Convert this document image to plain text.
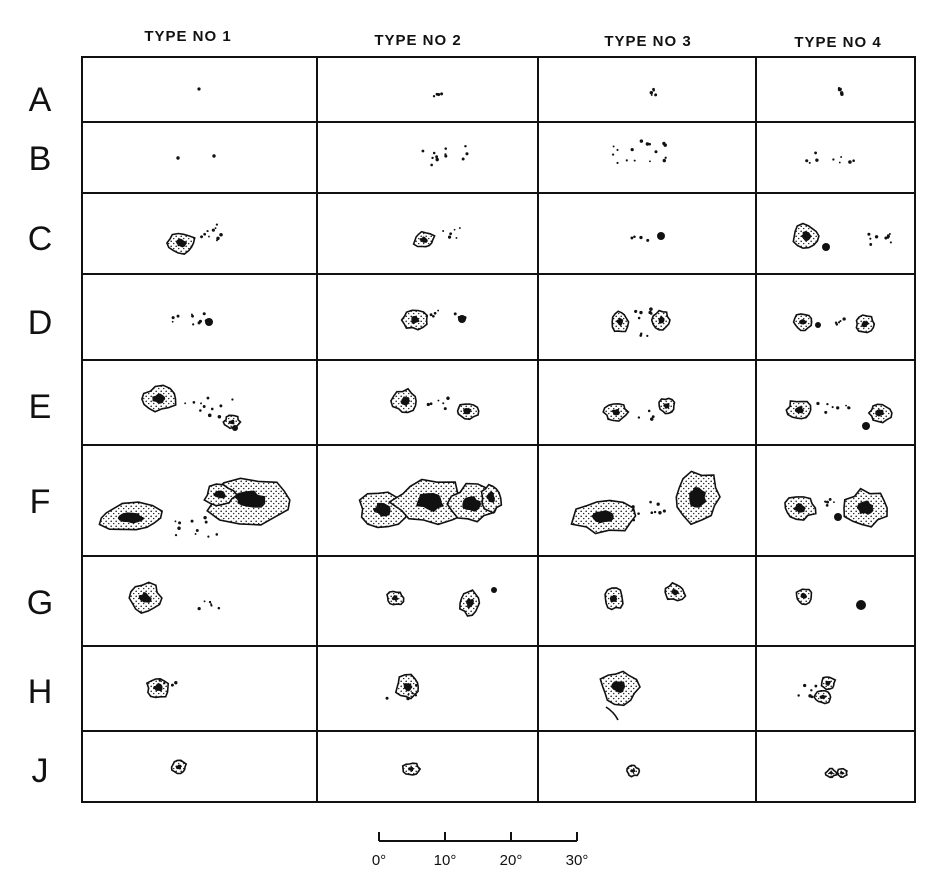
TYPE NO 1	TYPE NO 2	TYPE NO 3	TYPE NO 4
A
B
C
D
E
F
G
H
J
0°	10°	20°	30°
